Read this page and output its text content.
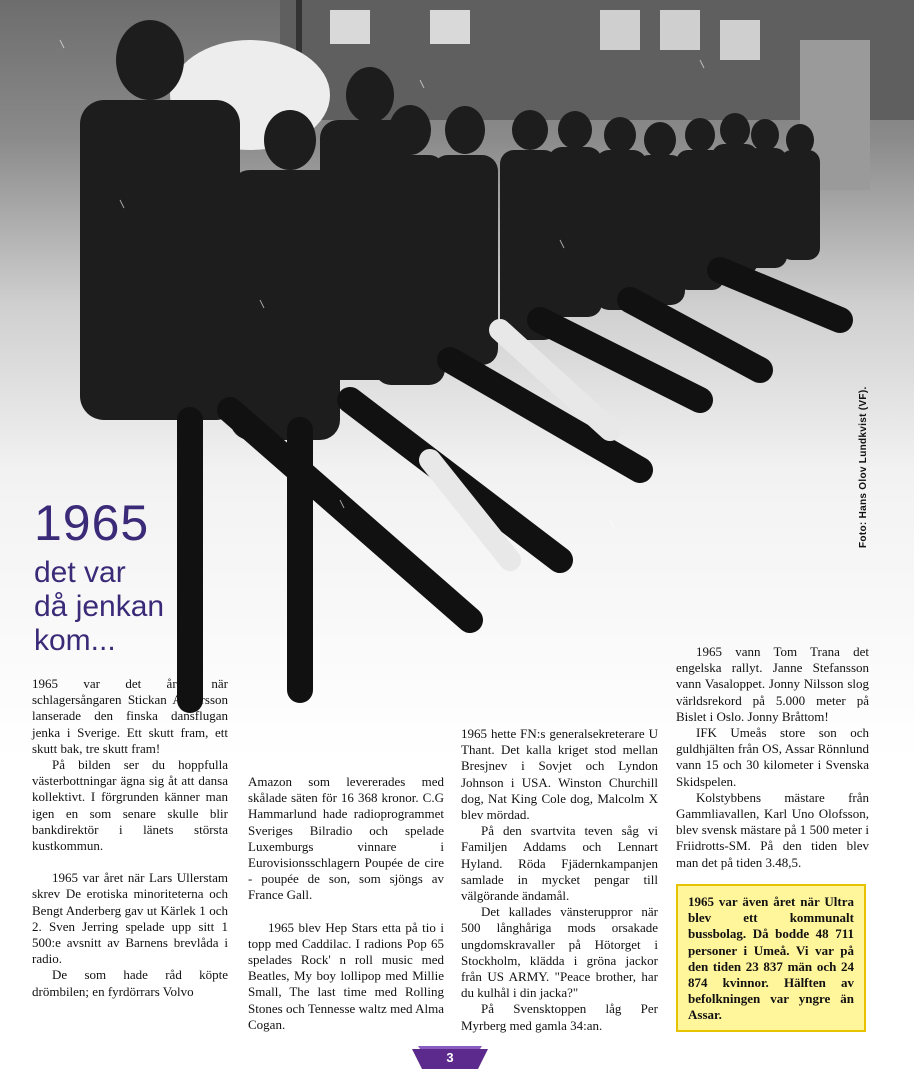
Foto: Hans Olov Lundkvist (VF).
1965
det var
då jenkan
kom...

1965 var det året när schlagersångaren Stickan Andersson lanserade den finska dansflugan jenka i Sverige. Ett skutt fram, ett skutt bak, tre skutt fram!

På bilden ser du hoppfulla västerbottningar ägna sig åt att dansa kollektivt. I förgrunden känner man igen en som senare skulle blir bankdirektör i länets största kustkommun.

1965 var året när Lars Ullerstam skrev De erotiska minoriteterna och Bengt Anderberg gav ut Kärlek 1 och 2. Sven Jerring spelade upp sitt 1 500:e avsnitt av Barnens brevlåda i radio.

De som hade råd köpte drömbilen; en fyrdörrars Volvo

Amazon som levererades med skålade säten för 16 368 kronor. C.G Hammarlund hade radioprogrammet Sveriges Bilradio och spelade Luxemburgs vinnare i Eurovisionsschlagern Poupée de cire - poupée de son, som sjöngs av France Gall.

1965 blev Hep Stars etta på tio i topp med Caddilac. I radions Pop 65 spelades Rock' n roll music med Beatles, My boy lollipop med Millie Small, The last time med Rolling Stones och Tennesse waltz med Alma Cogan.

1965 hette FN:s generalsekreterare U Thant. Det kalla kriget stod mellan Bresjnev i Sovjet och Lyndon Johnson i USA. Winston Churchill dog, Nat King Cole dog, Malcolm X blev mördad.

På den svartvita teven såg vi Familjen Addams och Lennart Hyland. Röda Fjädernkampanjen samlade in mycket pengar till välgörande ändamål.

Det kallades vänsteruppror när 500 långhåriga mods orsakade ungdomskravaller på Hötorget i Stockholm, klädda i gröna jackor från US ARMY. "Peace brother, har du kulhål i din jacka?"

På Svensktoppen låg Per Myrberg med gamla 34:an.

1965 vann Tom Trana det engelska rallyt. Janne Stefansson vann Vasaloppet. Jonny Nilsson slog världsrekord på 5.000 meter på Bislet i Oslo. Jonny Bråttom!

IFK Umeås store son och guldhjälten från OS, Assar Rönnlund vann 15 och 30 kilometer i Svenska Skidspelen.

Kolstybbens mästare från Gammliavallen, Karl Uno Olofsson, blev svensk mästare på 1 500 meter i Friidrotts-SM. På den tiden blev man det på tiden 3.48,5.

1965 var även året när Ultra blev ett kommunalt bussbolag. Då bodde 48 711 personer i Umeå. Vi var på den tiden 23 837 män och 24 874 kvinnor. Hälften av befolkningen var yngre än Assar.
3
